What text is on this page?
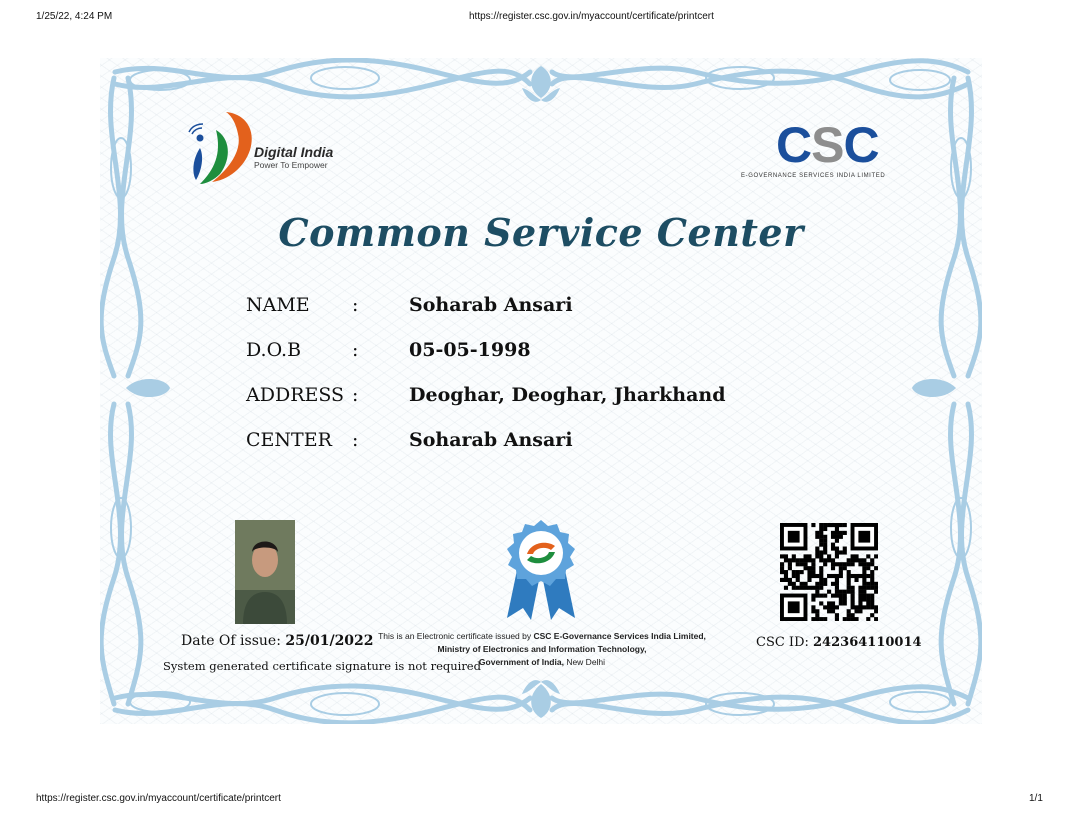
1/25/22, 4:24 PM	https://register.csc.gov.in/myaccount/certificate/printcert
Digital India
Power To Empower	CSC
E-GOVERNANCE SERVICES INDIA LIMITED
Common Service Center
NAME :	Soharab Ansari
D.O.B	:	05-05-1998
ADDRESS :	Deoghar, Deoghar, Jharkhand
CENTER :	Soharab Ansari
Date Of issue: 25/01/2022
System generated certificate signature is not required
This is an Electronic certificate issued by CSC E-Governance Services India Limited,
Ministry of Electronics and Information Technology,
Government of India, New Delhi
CSC ID: 242364110014
https://register.csc.gov.in/myaccount/certificate/printcert	1/1
